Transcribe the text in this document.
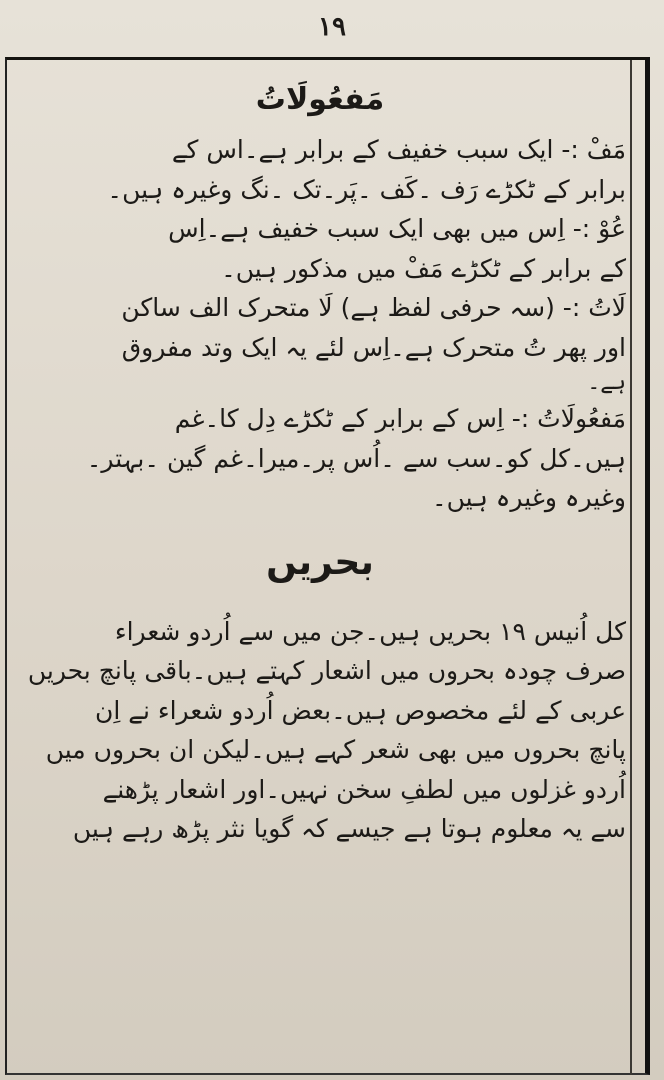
۱۹
مَفعُولَاتُ
مَفْ :- ایک سبب خفیف کے برابر ہے۔اس کے
برابر کے ٹکڑے رَف ۔کَف ۔پَر۔تک ۔نگ وغیرہ ہیں۔
عُوْ :- اِس میں بھی ایک سبب خفیف ہے۔اِس
کے برابر کے ٹکڑے مَفْ میں مذکور ہیں۔
لَاتُ :- (سہ حرفی لفظ ہے) لَا متحرک الف ساکن
اور پھر تُ متحرک ہے۔اِس لئے یہ ایک وتد مفروق
ہے۔
مَفعُولَاتُ :- اِس کے برابر کے ٹکڑے دِل کا۔غم
ہیں۔کل کو۔سب سے ۔اُس پر۔میرا۔غم گین ۔بہتر۔
وغیرہ وغیرہ ہیں۔
بحریں
کل اُنیس ۱۹ بحریں ہیں۔جن میں سے اُردو شعراء
صرف چودہ بحروں میں اشعار کہتے ہیں۔باقی پانچ بحریں
عربی کے لئے مخصوص ہیں۔بعض اُردو شعراء نے اِن
پانچ بحروں میں بھی شعر کہے ہیں۔لیکن ان بحروں میں
اُردو غزلوں میں لطفِ سخن نہیں۔اور اشعار پڑھنے
سے یہ معلوم ہوتا ہے جیسے کہ گویا نثر پڑھ رہے ہیں
